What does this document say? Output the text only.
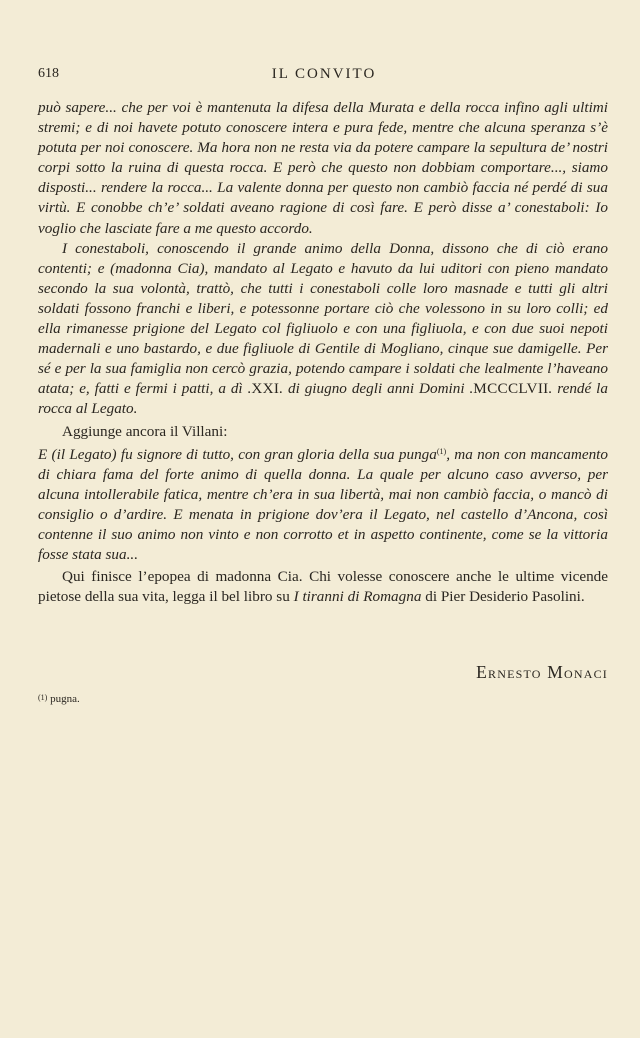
618	IL CONVITO

può sapere... che per voi è mantenuta la difesa della Murata e della rocca infino agli ultimi stremi; e di noi havete potuto conoscere intera e pura fede, mentre che alcuna speranza s’è potuta per noi conoscere. Ma hora non ne resta via da potere campare la sepultura de’ nostri corpi sotto la ruina di questa rocca. E però che questo non dobbiam comportare..., siamo disposti... rendere la rocca... La valente donna per questo non cambiò faccia né perdé di sua virtù. E conobbe ch’e’ soldati aveano ragione di così fare. E però disse a’ conestaboli: Io voglio che lasciate fare a me questo accordo.

I conestaboli, conoscendo il grande animo della Donna, dissono che di ciò erano contenti; e (madonna Cia), mandato al Legato e havuto da lui uditori con pieno mandato secondo la sua volontà, trattò, che tutti i conestaboli colle loro masnade e tutti gli altri soldati fossono franchi e liberi, e potessonne portare ciò che volessono in su loro colli; ed ella rimanesse prigione del Legato col figliuolo e con una figliuola, e con due suoi nepoti madernali e uno bastardo, e due figliuole di Gentile di Mogliano, cinque sue damigelle. Per sé e per la sua famiglia non cercò grazia, potendo campare i soldati che lealmente l’haveano atata; e, fatti e fermi i patti, a dì .XXI. di giugno degli anni Domini .MCCCLVII. rendé la rocca al Legato.

Aggiunge ancora il Villani:

E (il Legato) fu signore di tutto, con gran gloria della sua punga$^{(1)}$, ma non con mancamento di chiara fama del forte animo di quella donna. La quale per alcuno caso avverso, per alcuna intollerabile fatica, mentre ch’era in sua libertà, mai non cambiò faccia, o mancò di consiglio o d’ardire. E menata in prigione dov’era il Legato, nel castello d’Ancona, così contenne il suo animo non vinto e non corrotto et in aspetto continente, come se la vittoria fosse stata sua...

Qui finisce l’epopea di madonna Cia. Chi volesse conoscere anche le ultime vicende pietose della sua vita, legga il bel libro su I tiranni di Romagna di Pier Desiderio Pasolini.

Ernesto Monaci
(1) pugna.
